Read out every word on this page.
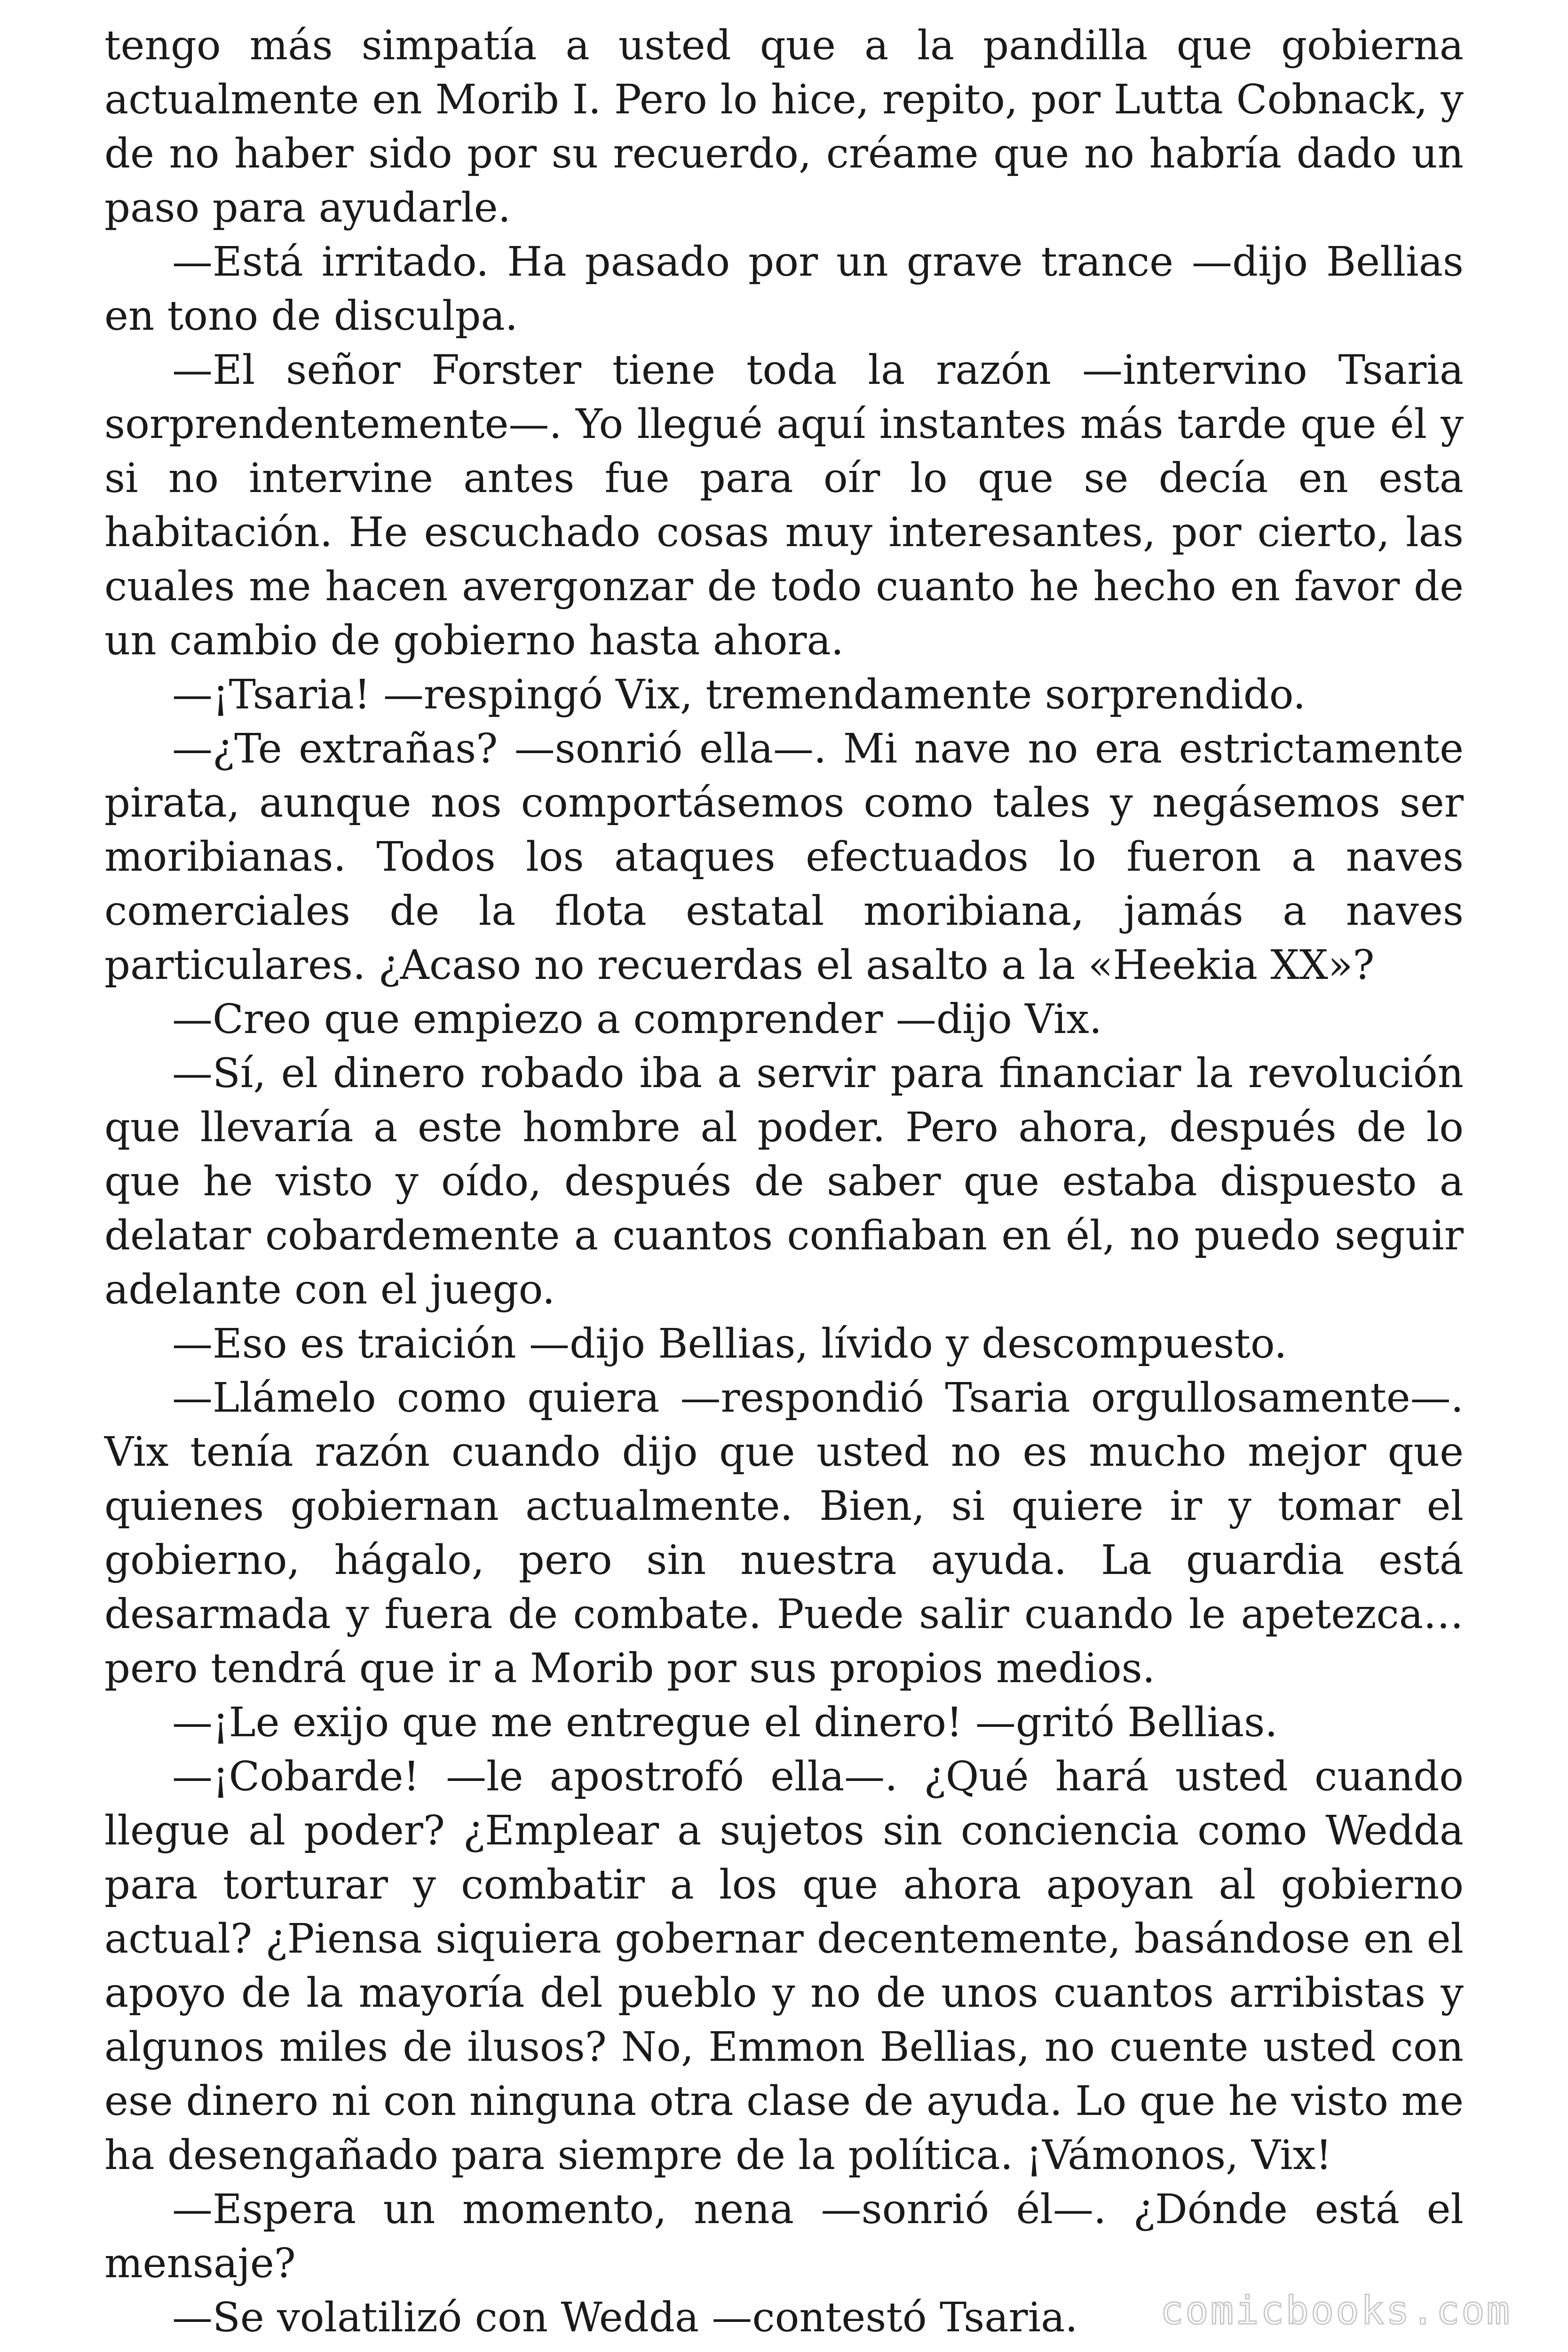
tengo más simpatía a usted que a la pandilla que gobierna actualmente en Morib I. Pero lo hice, repito, por Lutta Cobnack, y de no haber sido por su recuerdo, créame que no habría dado un paso para ayudarle.

—Está irritado. Ha pasado por un grave trance —dijo Bellias en tono de disculpa.

—El señor Forster tiene toda la razón —intervino Tsaria sorprendentemente—. Yo llegué aquí instantes más tarde que él y si no intervine antes fue para oír lo que se decía en esta habitación. He escuchado cosas muy interesantes, por cierto, las cuales me hacen avergonzar de todo cuanto he hecho en favor de un cambio de gobierno hasta ahora.

—¡Tsaria! —respingó Vix, tremendamente sorprendido.

—¿Te extrañas? —sonrió ella—. Mi nave no era estrictamente pirata, aunque nos comportásemos como tales y negásemos ser moribianas. Todos los ataques efectuados lo fueron a naves comerciales de la flota estatal moribiana, jamás a naves particulares. ¿Acaso no recuerdas el asalto a la «Heekia XX»?

—Creo que empiezo a comprender —dijo Vix.

—Sí, el dinero robado iba a servir para financiar la revolución que llevaría a este hombre al poder. Pero ahora, después de lo que he visto y oído, después de saber que estaba dispuesto a delatar cobardemente a cuantos confiaban en él, no puedo seguir adelante con el juego.

—Eso es traición —dijo Bellias, lívido y descompuesto.

—Llámelo como quiera —respondió Tsaria orgullosamente—. Vix tenía razón cuando dijo que usted no es mucho mejor que quienes gobiernan actualmente. Bien, si quiere ir y tomar el gobierno, hágalo, pero sin nuestra ayuda. La guardia está desarmada y fuera de combate. Puede salir cuando le apetezca… pero tendrá que ir a Morib por sus propios medios.

—¡Le exijo que me entregue el dinero! —gritó Bellias.

—¡Cobarde! —le apostrofó ella—. ¿Qué hará usted cuando llegue al poder? ¿Emplear a sujetos sin conciencia como Wedda para torturar y combatir a los que ahora apoyan al gobierno actual? ¿Piensa siquiera gobernar decentemente, basándose en el apoyo de la mayoría del pueblo y no de unos cuantos arribistas y algunos miles de ilusos? No, Emmon Bellias, no cuente usted con ese dinero ni con ninguna otra clase de ayuda. Lo que he visto me ha desengañado para siempre de la política. ¡Vámonos, Vix!

—Espera un momento, nena —sonrió él—. ¿Dónde está el mensaje?

—Se volatilizó con Wedda —contestó Tsaria.	comicbooks.com
